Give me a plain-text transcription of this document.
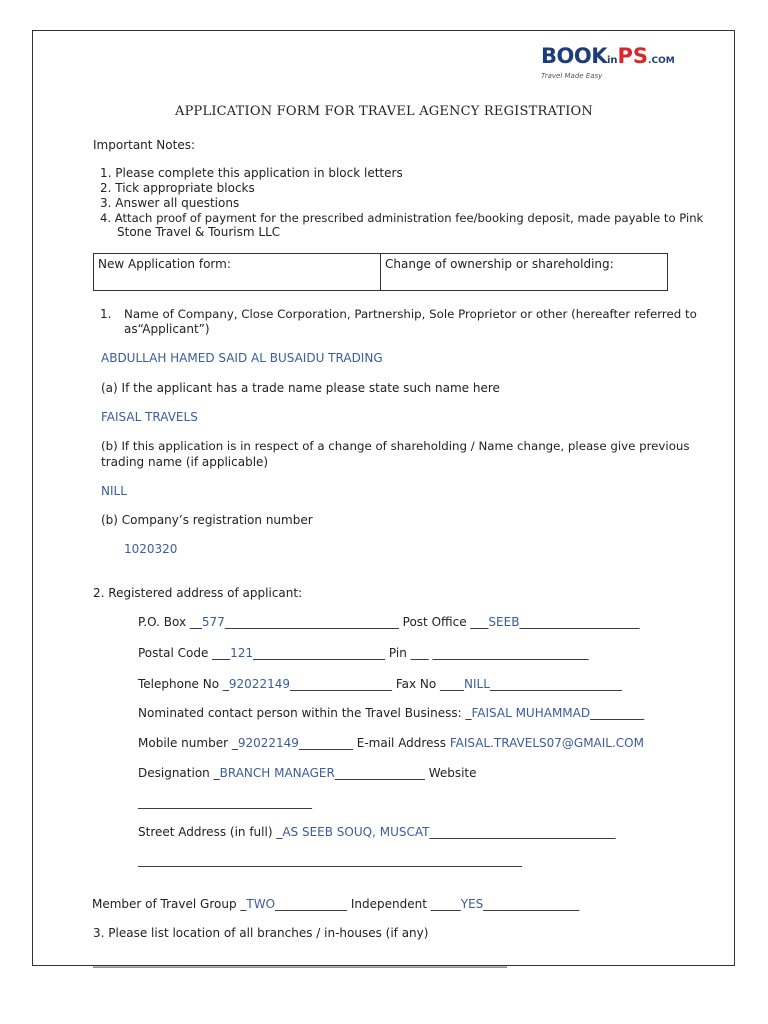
BOOKinPS.COM
Travel Made Easy
APPLICATION FORM FOR TRAVEL AGENCY REGISTRATION
Important Notes:
1. Please complete this application in block letters
2. Tick appropriate blocks
3. Answer all questions
4. Attach proof of payment for the prescribed administration fee/booking deposit, made payable to Pink
Stone Travel & Tourism LLC
New Application form:	Change of ownership or shareholding:
1. Name of Company, Close Corporation, Partnership, Sole Proprietor or other (hereafter referred to
as“Applicant”)
ABDULLAH HAMED SAID AL BUSAIDU TRADING
(a) If the applicant has a trade name please state such name here
FAISAL TRAVELS
(b) If this application is in respect of a change of shareholding / Name change, please give previous
trading name (if applicable)
NILL
(b) Company’s registration number
1020320
2. Registered address of applicant:
P.O. Box __577_____________________________ Post Office ___SEEB____________________
Postal Code ___121______________________ Pin ___ __________________________
Telephone No _92022149_________________ Fax No ____NILL______________________
Nominated contact person within the Travel Business: _FAISAL MUHAMMAD_________
Mobile number _92022149_________ E-mail Address FAISAL.TRAVELS07@GMAIL.COM
Designation _BRANCH MANAGER_______________ Website
_____________________________
Street Address (in full) _AS SEEB SOUQ, MUSCAT_______________________________
________________________________________________________________
Member of Travel Group _TWO____________ Independent _____YES________________
3. Please list location of all branches / in-houses (if any)
__________________________________________________________________________
